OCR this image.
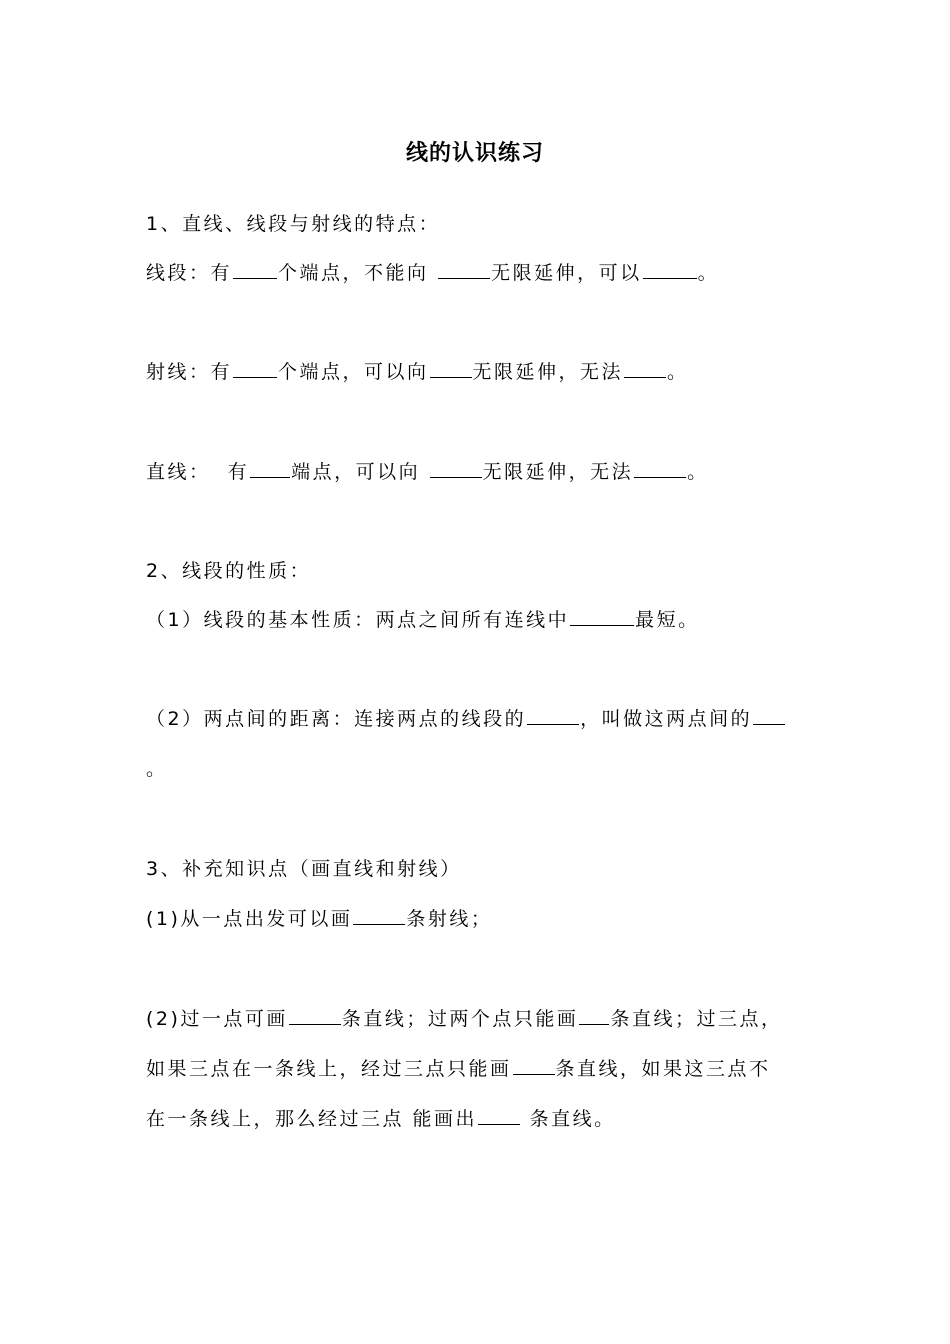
线的认识练习
1、直线、线段与射线的特点：
线段：有 个端点，不能向	无限延伸，可以	。
射线：有 个端点，可以向 无限延伸，无法 。
直线：  有 端点，可以向	无限延伸，无法	。
2、线段的性质：
（1）线段的基本性质：两点之间所有连线中	最短。
（2）两点间的距离：连接两点的线段的	，叫做这两点间的
。
3、补充知识点（画直线和射线）
(1)从一点出发可以画	条射线；
(2)过一点可画	条直线；过两个点只能画 条直线；过三点，
如果三点在一条线上，经过三点只能画 条直线，如果这三点不
在一条线上，那么经过三点 能画出 条直线。
